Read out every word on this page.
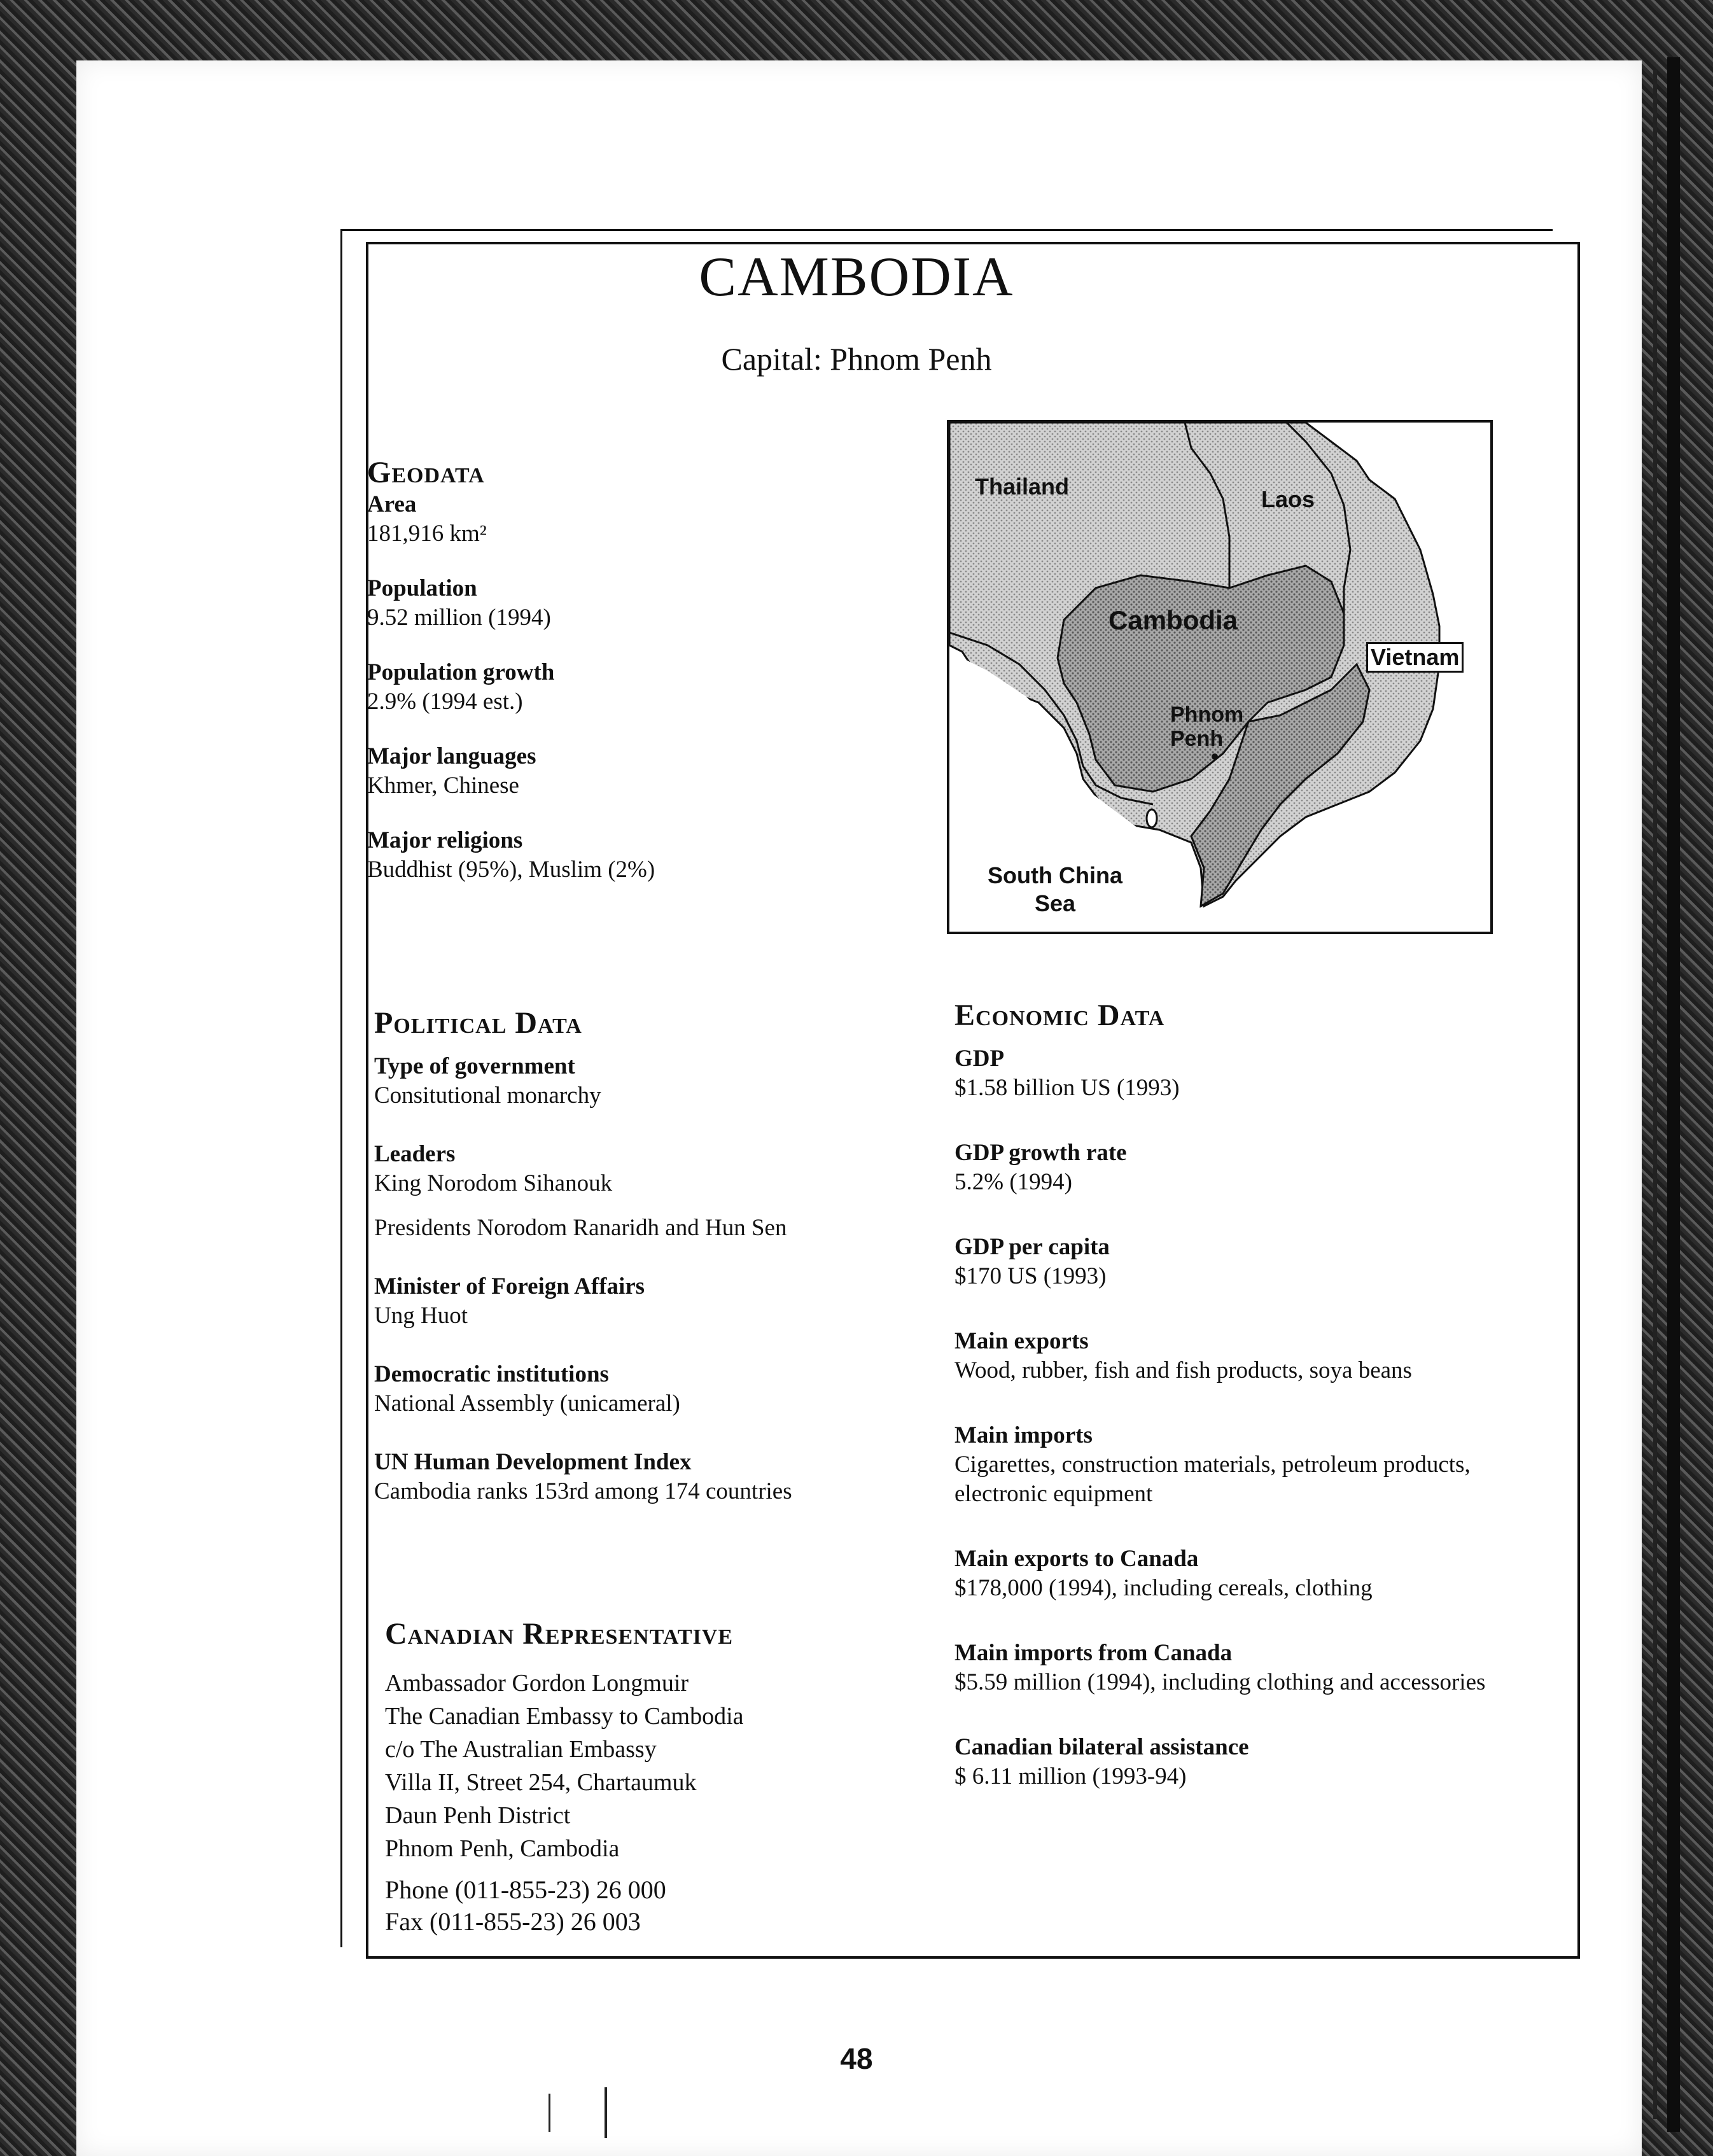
CAMBODIA
Capital: Phnom Penh
Geodata
Area
181,916 km²
Population
9.52 million (1994)
Population growth
2.9% (1994 est.)
Major languages
Khmer, Chinese
Major religions
Buddhist (95%), Muslim (2%)
Thailand	Laos
Cambodia
Vietnam
Phnom
Penh
South China
Sea
Political Data
Type of government
Consitutional monarchy
Leaders
King Norodom Sihanouk
Presidents Norodom Ranaridh and Hun Sen
Minister of Foreign Affairs
Ung Huot
Democratic institutions
National Assembly (unicameral)
UN Human Development Index
Cambodia ranks 153rd among 174 countries
Canadian Representative
Ambassador Gordon Longmuir
The Canadian Embassy to Cambodia
c/o The Australian Embassy
Villa II, Street 254, Chartaumuk
Daun Penh District
Phnom Penh, Cambodia
Phone (011-855-23) 26 000
Fax (011-855-23) 26 003
Economic Data
GDP
$1.58 billion US (1993)
GDP growth rate
5.2% (1994)
GDP per capita
$170 US (1993)
Main exports
Wood, rubber, fish and fish products, soya beans
Main imports
Cigarettes, construction materials, petroleum products, electronic equipment
Main exports to Canada
$178,000 (1994), including cereals, clothing
Main imports from Canada
$5.59 million (1994), including clothing and accessories
Canadian bilateral assistance
$ 6.11 million (1993-94)
48
